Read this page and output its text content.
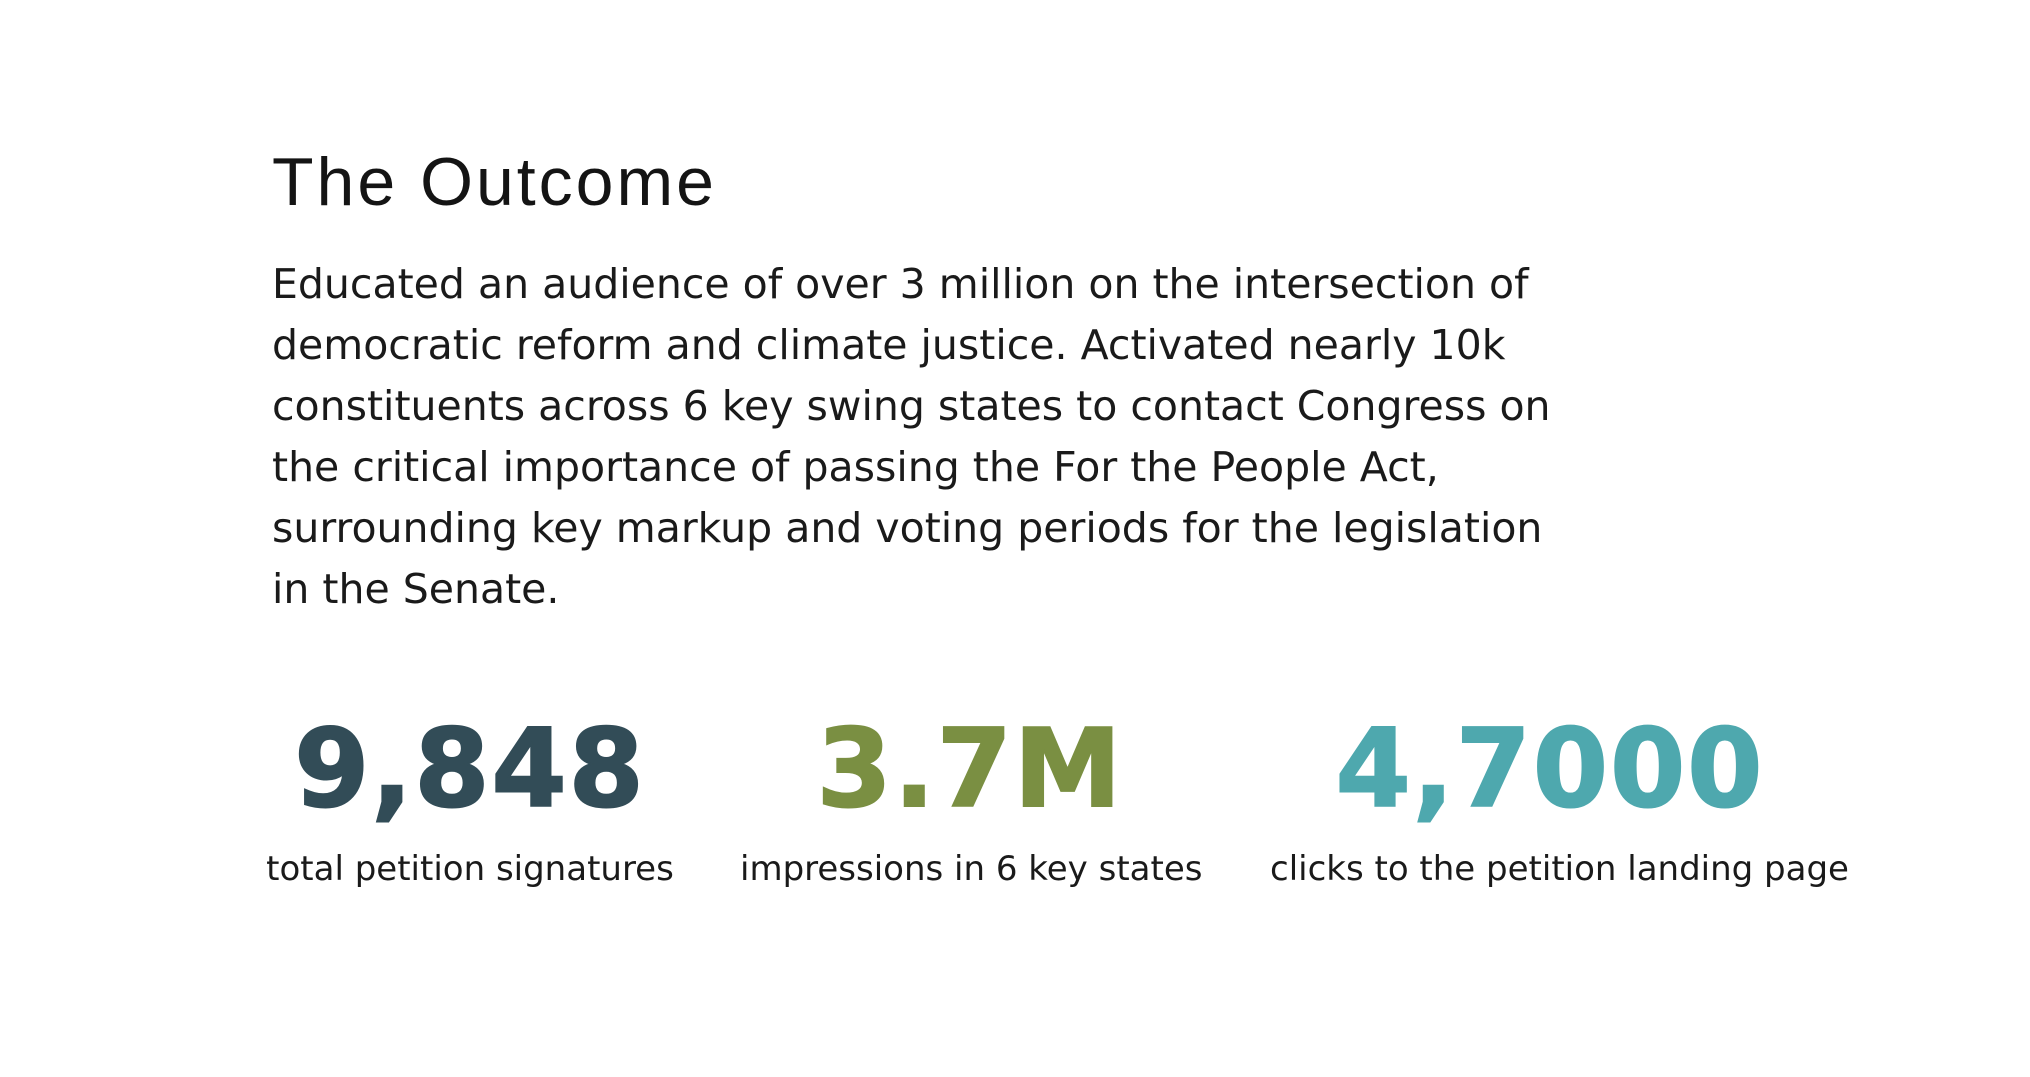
The Outcome

Educated an audience of over 3 million on the intersection of
democratic reform and climate justice. Activated nearly 10k
constituents across 6 key swing states to contact Congress on
the critical importance of passing the For the People Act,
surrounding key markup and voting periods for the legislation
in the Senate.

9,848
total petition signatures
3.7M
impressions in 6 key states
4,7000
clicks to the petition landing page
